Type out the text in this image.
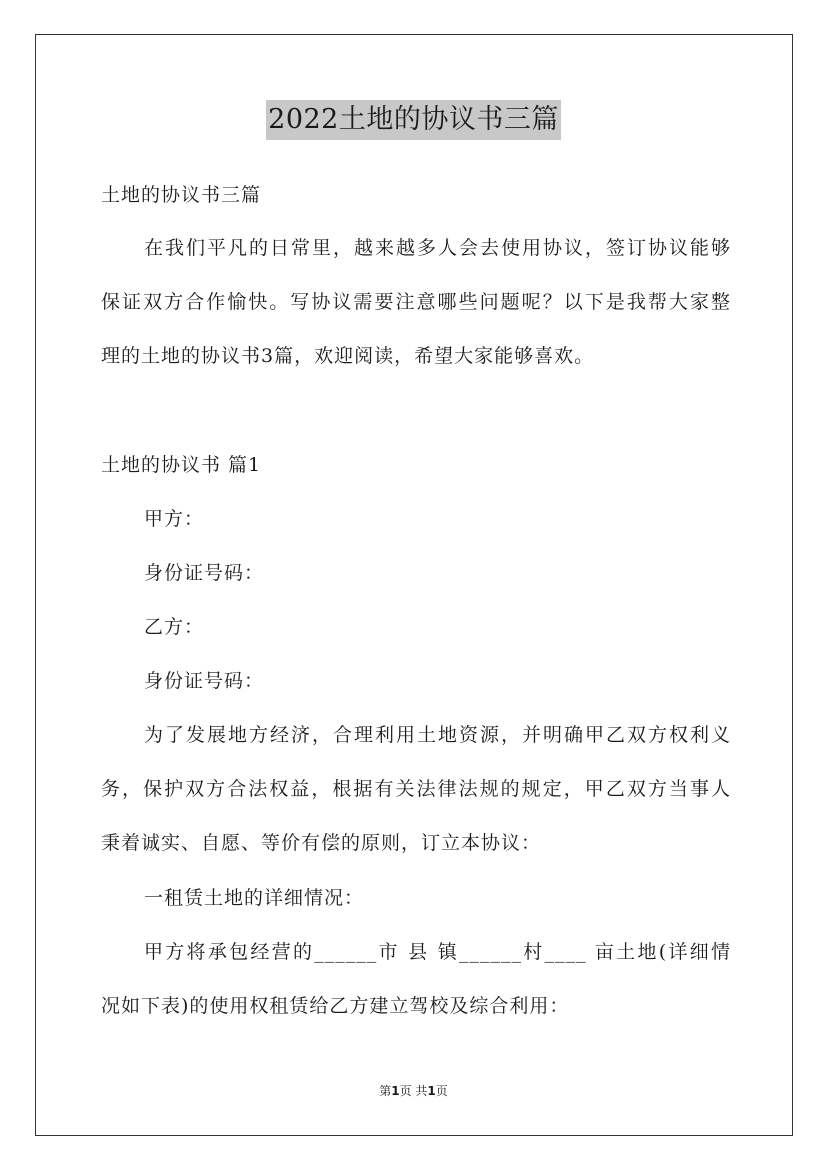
2022土地的协议书三篇
土地的协议书三篇
在我们平凡的日常里，越来越多人会去使用协议，签订协议能够
保证双方合作愉快。写协议需要注意哪些问题呢？以下是我帮大家整
理的土地的协议书3篇，欢迎阅读，希望大家能够喜欢。
土地的协议书 篇1
甲方：
身份证号码：
乙方：
身份证号码：
为了发展地方经济，合理利用土地资源，并明确甲乙双方权利义
务，保护双方合法权益，根据有关法律法规的规定，甲乙双方当事人
秉着诚实、自愿、等价有偿的原则，订立本协议：
一租赁土地的详细情况：
甲方将承包经营的______市 县 镇______村____ 亩土地(详细情
况如下表)的使用权租赁给乙方建立驾校及综合利用：
第1页 共1页
